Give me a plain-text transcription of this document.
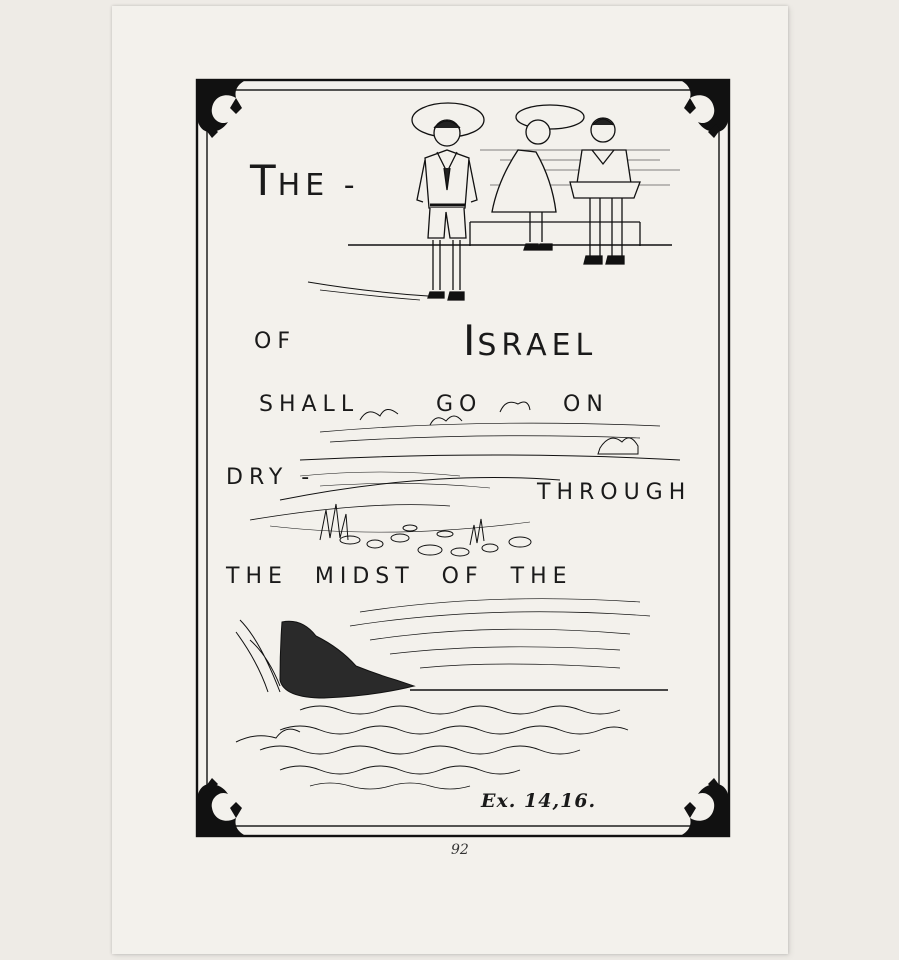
THE -
OF	ISRAEL
SHALL	GO	ON
DRY -
THROUGH
THE MIDST OF THE
Ex. 14,16.
92
